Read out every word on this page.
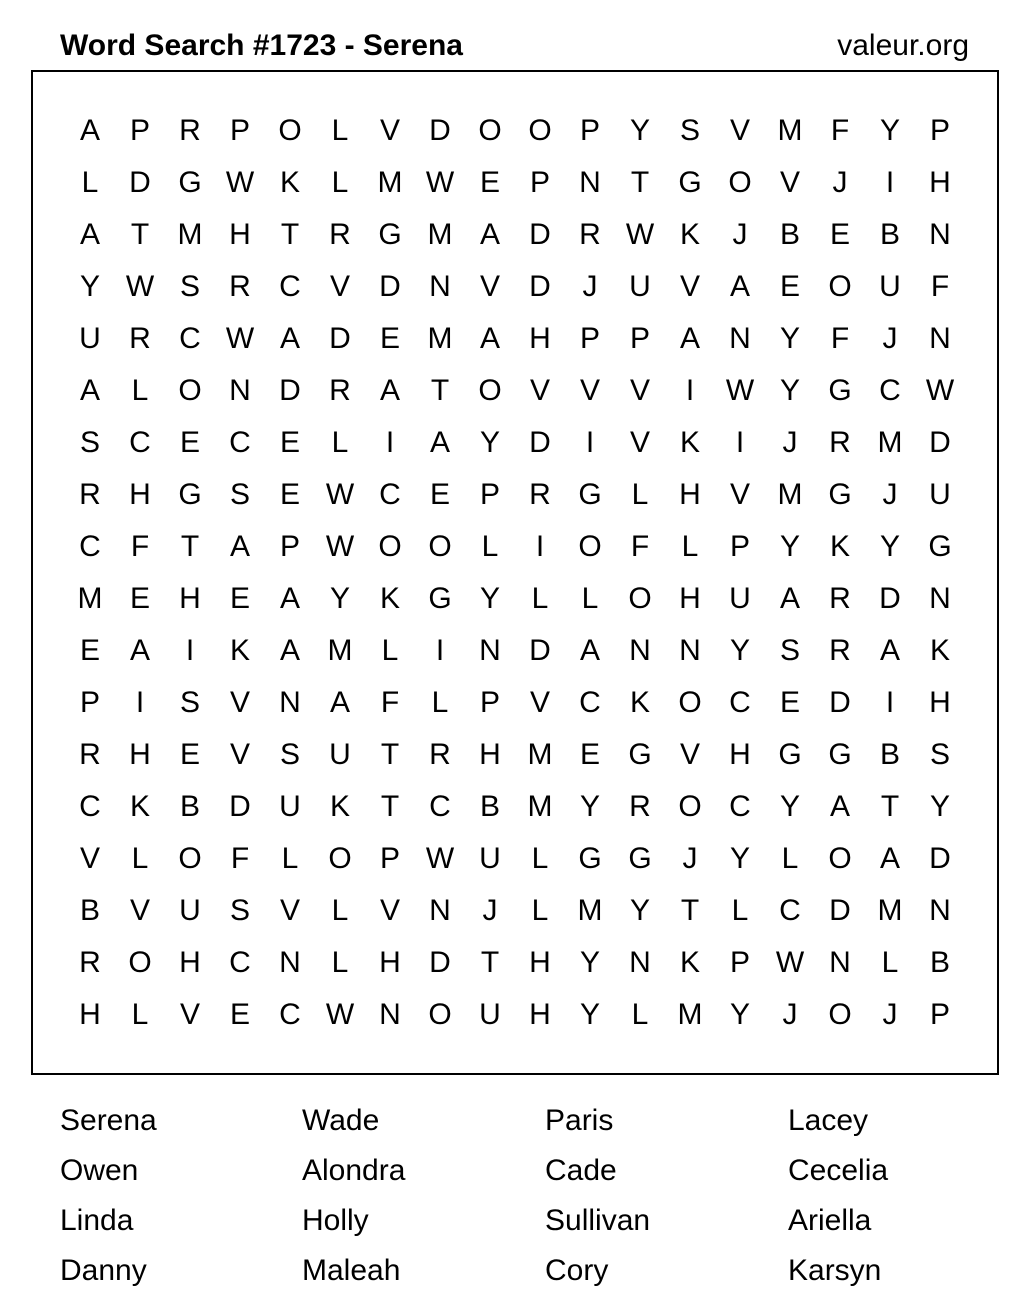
Word Search #1723 - Serena	valeur.org
A P R P O L	V D O O P Y S V M F	Y P
L	D G W K	L M W E P N	T G O V	J	I	H
A	T M H	T	R G M A D R W K	J	B E B N
Y W S R C V D N V D	J	U V A E O U	F
U R C W A D E M A H P P A N Y	F	J	N
A	L O N D R A	T O V V V	I	W Y G C W
S C E C E	L	I	A Y D	I	V K	I	J	R M D
R H G S E W C E P R G L	H V M G	J	U
C	F	T	A P W O O L	I	O F	L	P Y K Y G
M E H E A Y K G Y	L	L O H U A R D N
E A	I	K A M L	I	N D A N N Y S R A K
P	I	S V N A	F	L	P V C K O C E D	I	H
R H E V S U	T	R H M E G V H G G B S
C K B D U K	T	C B M Y R O C Y A	T	Y
V	L O F	L O P W U	L G G	J	Y	L O A D
B V U S V	L	V N	J	L M Y	T	L	C D M N
R O H C N	L	H D	T	H Y N K P W N	L	B
H	L	V E C W N O U H Y	L M Y	J	O	J	P
Serena	Wade	Paris	Lacey
Owen	Alondra	Cade	Cecelia
Linda	Holly	Sullivan	Ariella
Danny	Maleah	Cory	Karsyn
